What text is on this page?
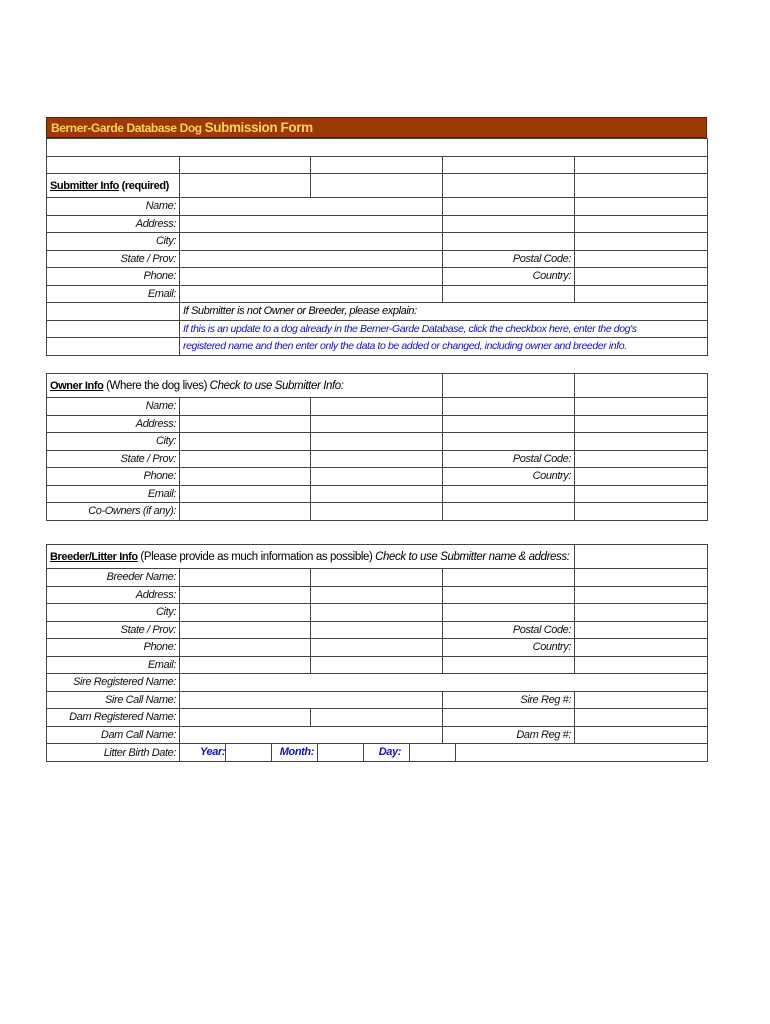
Berner-Garde Database Dog Submission Form

Submitter Info (required)				
Name:				
Address:				
City:				
State / Prov:			Postal Code:	
Phone:			Country:	
Email:				
	If Submitter is not Owner or Breeder, please explain:			
	If this is an update to a dog already in the Berner-Garde Database, click the checkbox here, enter the dog's			
	registered name and then enter only the data to be added or changed, including owner and breeder info.			

Owner Info (Where the dog lives) Check to use Submitter Info:				
Name:				
Address:				
City:				
State / Prov:			Postal Code:	
Phone:			Country:	
Email:				
Co-Owners (if any):				

Breeder/Litter Info (Please provide as much information as possible) Check to use Submitter name & address:				
Breeder Name:				
Address:				
City:				
State / Prov:			Postal Code:	
Phone:			Country:	
Email:				
Sire Registered Name:				
Sire Call Name:			Sire Reg #:	
Dam Registered Name:				
Dam Call Name:			Dam Reg #:	
Litter Birth Date:	Year: Month: Day:			
